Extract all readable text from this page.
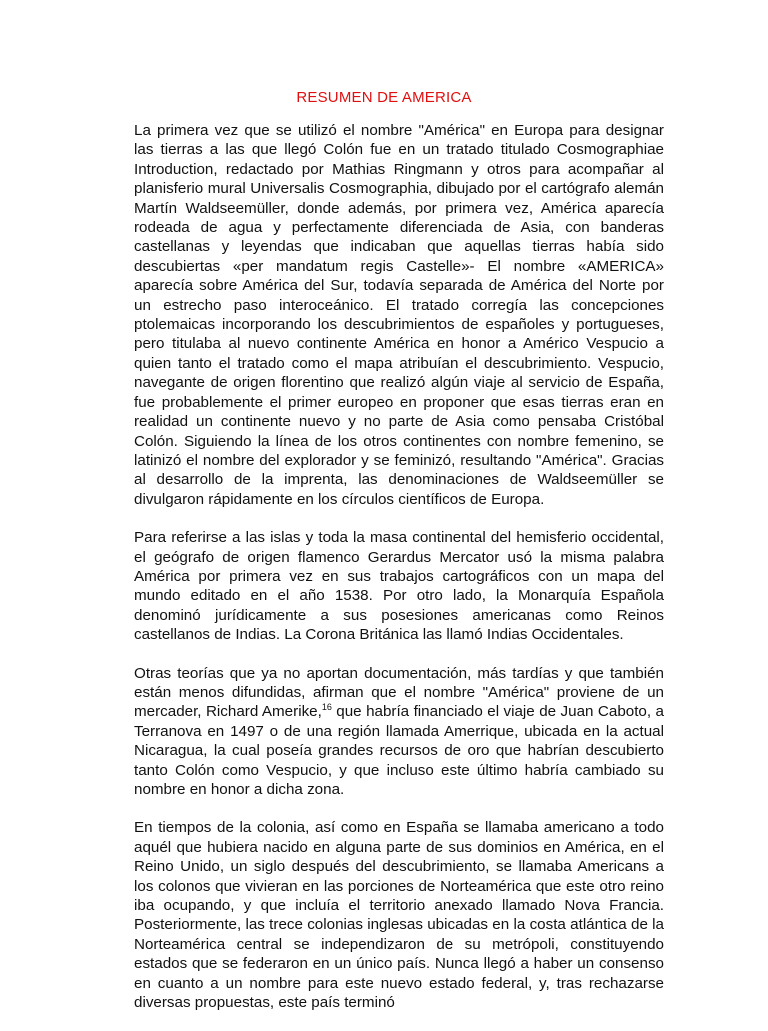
RESUMEN DE AMERICA

La primera vez que se utilizó el nombre "América" en Europa para designar las tierras a las que llegó Colón fue en un tratado titulado Cosmographiae Introduction, redactado por Mathias Ringmann y otros para acompañar al planisferio mural Universalis Cosmographia, dibujado por el cartógrafo alemán Martín Waldseemüller, donde además, por primera vez, América aparecía rodeada de agua y perfectamente diferenciada de Asia, con banderas castellanas y leyendas que indicaban que aquellas tierras había sido descubiertas «per mandatum regis Castelle»- El nombre «AMERICA» aparecía sobre América del Sur, todavía separada de América del Norte por un estrecho paso interoceánico. El tratado corregía las concepciones ptolemaicas incorporando los descubrimientos de españoles y portugueses, pero titulaba al nuevo continente América en honor a Américo Vespucio a quien tanto el tratado como el mapa atribuían el descubrimiento. Vespucio, navegante de origen florentino que realizó algún viaje al servicio de España, fue probablemente el primer europeo en proponer que esas tierras eran en realidad un continente nuevo y no parte de Asia como pensaba Cristóbal Colón. Siguiendo la línea de los otros continentes con nombre femenino, se latinizó el nombre del explorador y se feminizó, resultando "América". Gracias al desarrollo de la imprenta, las denominaciones de Waldseemüller se divulgaron rápidamente en los círculos científicos de Europa.

Para referirse a las islas y toda la masa continental del hemisferio occidental, el geógrafo de origen flamenco Gerardus Mercator usó la misma palabra América por primera vez en sus trabajos cartográficos con un mapa del mundo editado en el año 1538. Por otro lado, la Monarquía Española denominó jurídicamente a sus posesiones americanas como Reinos castellanos de Indias. La Corona Británica las llamó Indias Occidentales.

Otras teorías que ya no aportan documentación, más tardías y que también están menos difundidas, afirman que el nombre "América" proviene de un mercader, Richard Amerike,$^{16}$ que habría financiado el viaje de Juan Caboto, a Terranova en 1497 o de una región llamada Amerrique, ubicada en la actual Nicaragua, la cual poseía grandes recursos de oro que habrían descubierto tanto Colón como Vespucio, y que incluso este último habría cambiado su nombre en honor a dicha zona.

En tiempos de la colonia, así como en España se llamaba americano a todo aquél que hubiera nacido en alguna parte de sus dominios en América, en el Reino Unido, un siglo después del descubrimiento, se llamaba Americans a los colonos que vivieran en las porciones de Norteamérica que este otro reino iba ocupando, y que incluía el territorio anexado llamado Nova Francia. Posteriormente, las trece colonias inglesas ubicadas en la costa atlántica de la Norteamérica central se independizaron de su metrópoli, constituyendo estados que se federaron en un único país. Nunca llegó a haber un consenso en cuanto a un nombre para este nuevo estado federal, y, tras rechazarse diversas propuestas, este país terminó
